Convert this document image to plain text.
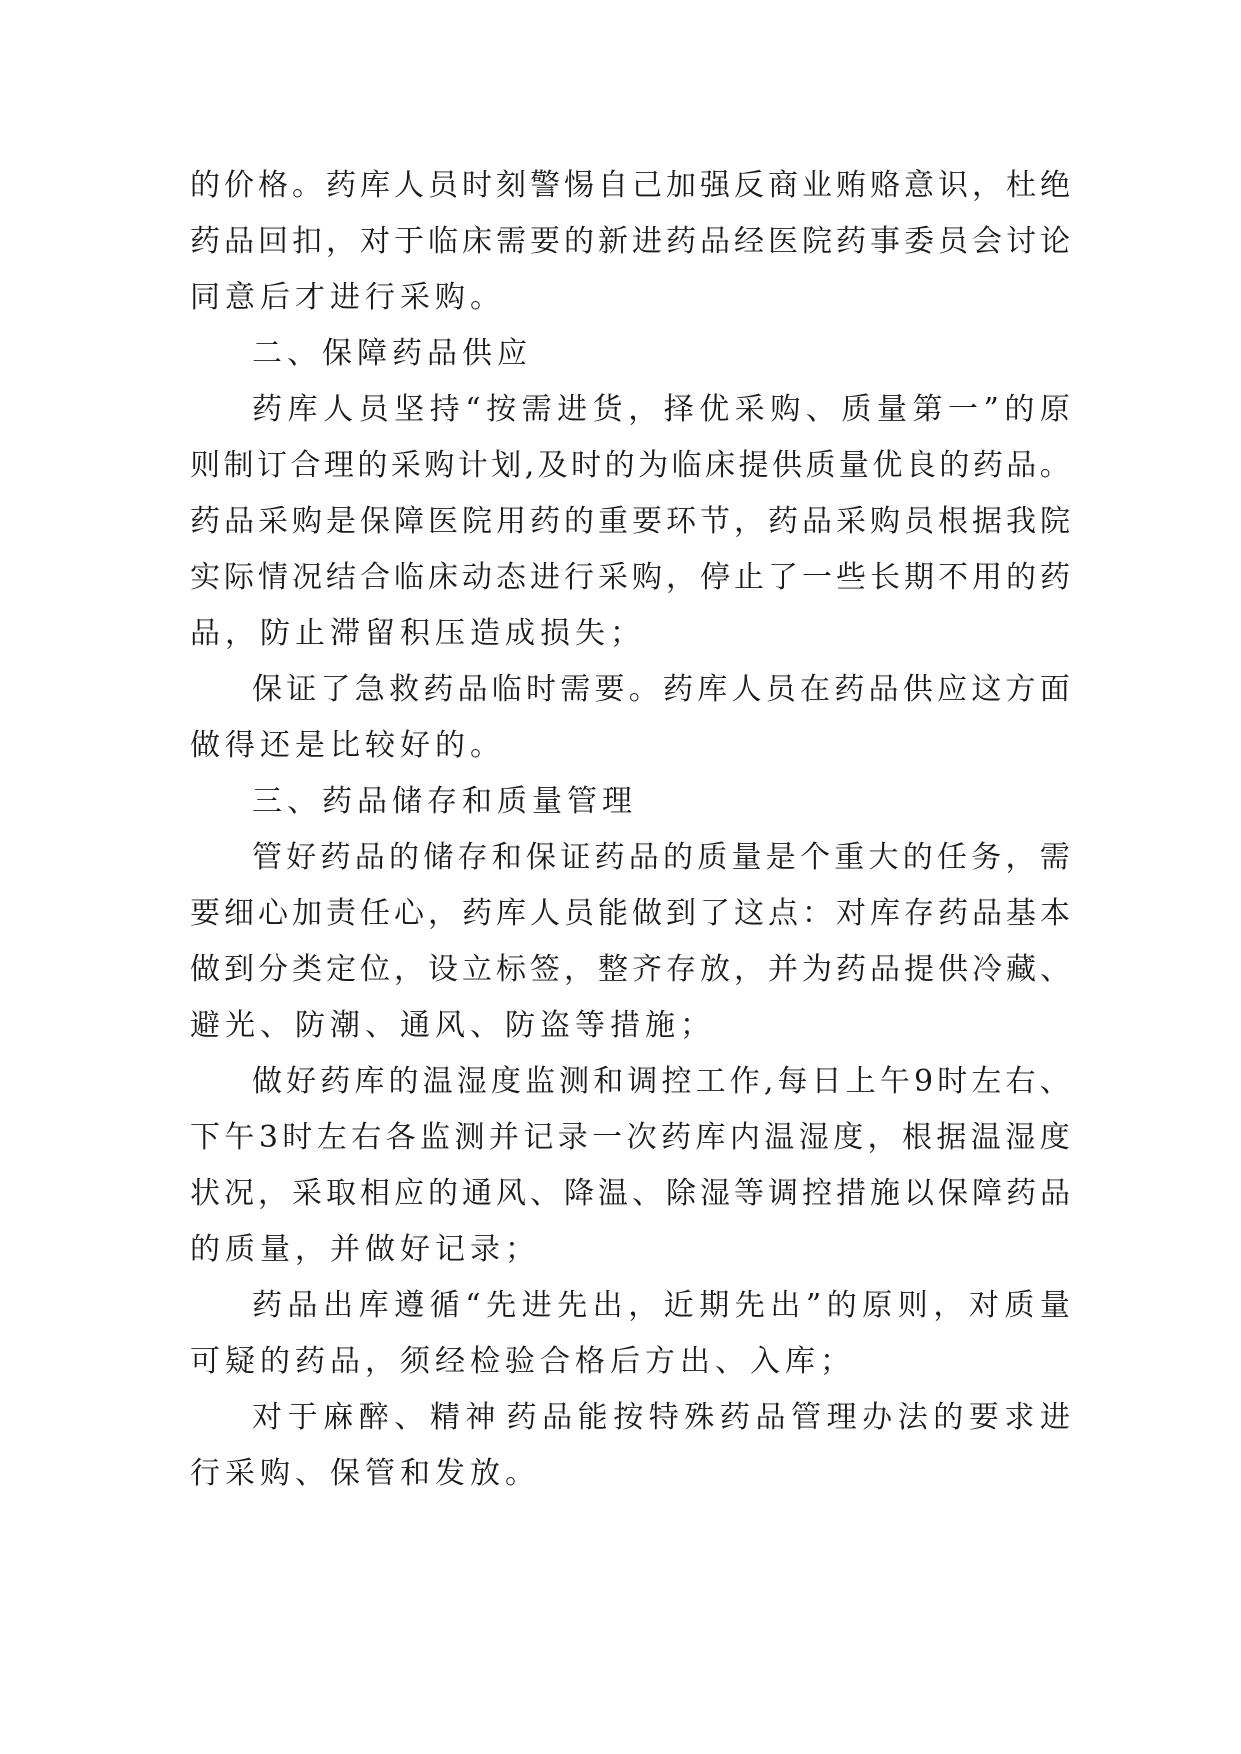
的 价 格 。 药 库 人 员 时 刻 警 惕 自 己 加 强 反 商 业 贿 赂 意 识 ， 杜 绝
药 品 回 扣 ， 对 于 临 床 需 要 的 新 进 药 品 经 医 院 药 事 委 员 会 讨 论
同意后才进行采购。
二、保障药品供应
药 库 人 员 坚 持 “ 按 需 进 货 ， 择 优 采 购 、 质 量 第 一 ” 的 原
则 制 订 合 理 的 采 购 计 划 , 及 时 的 为 临 床 提 供 质 量 优 良 的 药 品 。
药 品 采 购 是 保 障 医 院 用 药 的 重 要 环 节 ， 药 品 采 购 员 根 据 我 院
实 际 情 况 结 合 临 床 动 态 进 行 采 购 ， 停 止 了 一 些 长 期 不 用 的 药
品，防止滞留积压造成损失；
保 证 了 急 救 药 品 临 时 需 要 。 药 库 人 员 在 药 品 供 应 这 方 面
做得还是比较好的。
三、药品储存和质量管理
管 好 药 品 的 储 存 和 保 证 药 品 的 质 量 是 个 重 大 的 任 务 ， 需
要 细 心 加 责 任 心 ， 药 库 人 员 能 做 到 了 这 点 ： 对 库 存 药 品 基 本
做 到 分 类 定 位 ， 设 立 标 签 ， 整 齐 存 放 ， 并 为 药 品 提 供 冷 藏 、
避光、防潮、通风、防盗等措施；
做 好 药 库 的 温 湿 度 监 测 和 调 控 工 作 , 每 日 上 午 9 时 左 右 、
下 午 3 时 左 右 各 监 测 并 记 录 一 次 药 库 内 温 湿 度 ， 根 据 温 湿 度
状 况 ， 采 取 相 应 的 通 风 、 降 温 、 除 湿 等 调 控 措 施 以 保 障 药 品
的质量，并做好记录；
药 品 出 库 遵 循 “ 先 进 先 出 ， 近 期 先 出 ” 的 原 则 ， 对 质 量
可疑的药品，须经检验合格后方出、入库；
对 于 麻 醉 、 精 神 药 品 能 按 特 殊 药 品 管 理 办 法 的 要 求 进
行采购、保管和发放。
